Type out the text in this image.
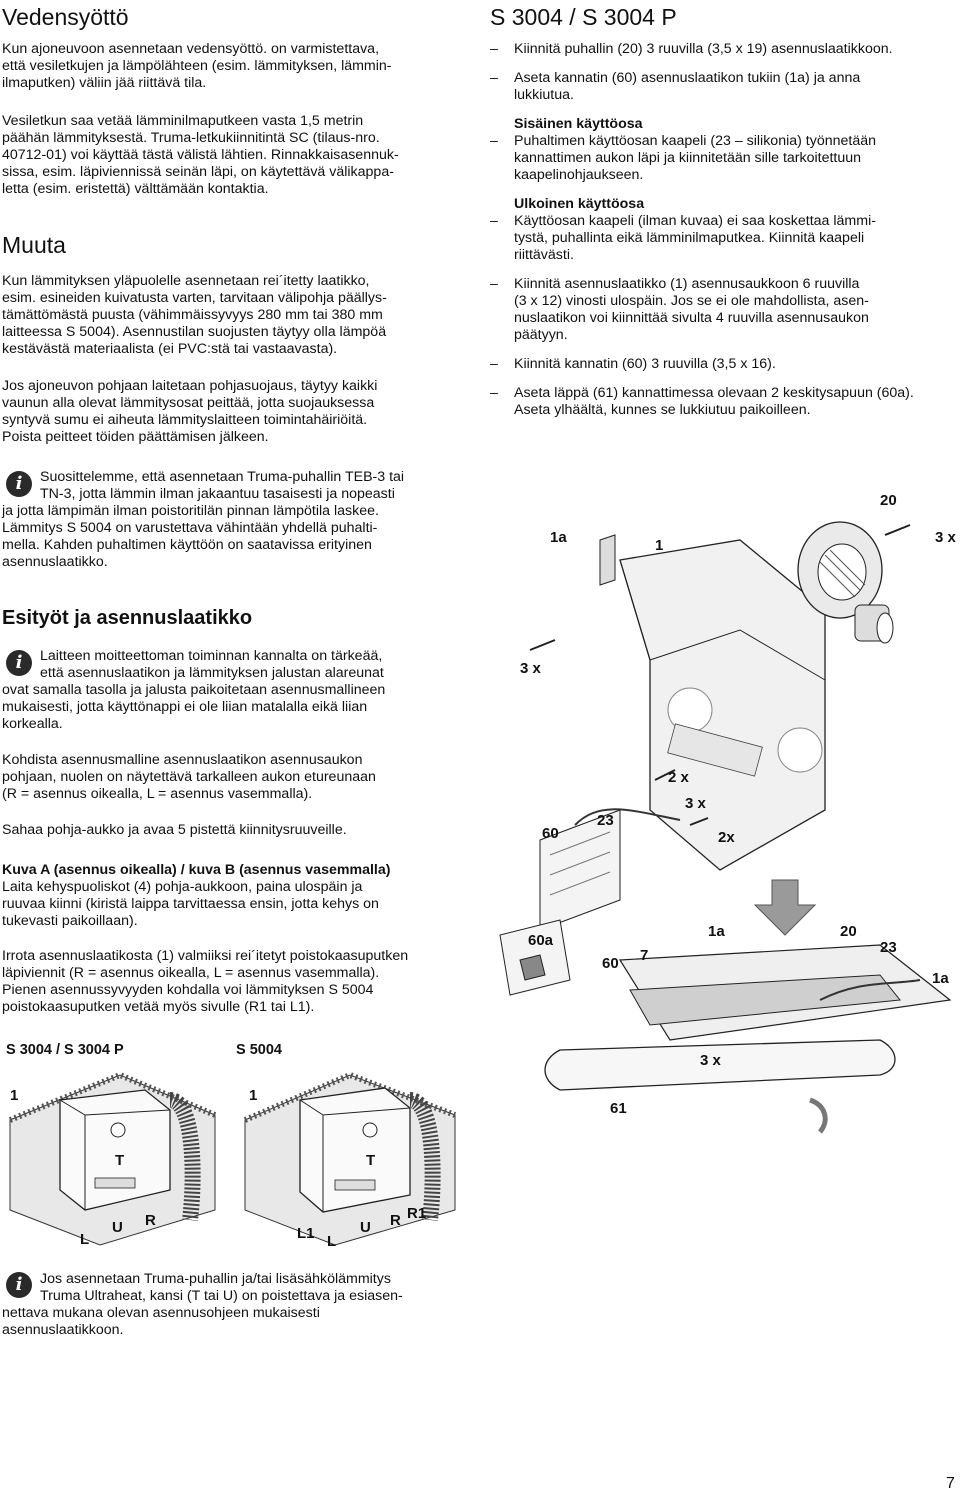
Vedensyöttö
Kun ajoneuvoon asennetaan vedensyöttö. on varmistettava,
että vesiletkujen ja lämpölähteen (esim. lämmityksen, lämmin-
ilmaputken) väliin jää riittävä tila.
Vesiletkun saa vetää lämminilmaputkeen vasta 1,5 metrin
päähän lämmityksestä. Truma-letkukiinnitintä SC (tilaus-nro.
40712-01) voi käyttää tästä välistä lähtien. Rinnakkaisasennuk-
sissa, esim. läpiviennissä seinän läpi, on käytettävä välikappa-
letta (esim. eristettä) välttämään kontaktia.
Muuta
Kun lämmityksen yläpuolelle asennetaan rei´itetty laatikko,
esim. esineiden kuivatusta varten, tarvitaan välipohja päällys-
tämättömästä puusta (vähimmäissyvyys 280 mm tai 380 mm
laitteessa S 5004). Asennustilan suojusten täytyy olla lämpöä
kestävästä materiaalista (ei PVC:stä tai vastaavasta).
Jos ajoneuvon pohjaan laitetaan pohjasuojaus, täytyy kaikki
vaunun alla olevat lämmitysosat peittää, jotta suojauksessa
syntyvä sumu ei aiheuta lämmityslaitteen toimintahäiriöitä.
Poista peitteet töiden päättämisen jälkeen.
i	Suosittelemme, että asennetaan Truma-puhallin TEB-3 tai
TN-3, jotta lämmin ilman jakaantuu tasaisesti ja nopeasti
ja jotta lämpimän ilman poistoritilän pinnan lämpötila laskee.
Lämmitys S 5004 on varustettava vähintään yhdellä puhalti-
mella. Kahden puhaltimen käyttöön on saatavissa erityinen
asennuslaatikko.
Esityöt ja asennuslaatikko
i	Laitteen moitteettoman toiminnan kannalta on tärkeää,
että asennuslaatikon ja lämmityksen jalustan alareunat
ovat samalla tasolla ja jalusta paikoitetaan asennusmallineen
mukaisesti, jotta käyttönappi ei ole liian matalalla eikä liian
korkealla.
Kohdista asennusmalline asennuslaatikon asennusaukon
pohjaan, nuolen on näytettävä tarkalleen aukon etureunaan
(R = asennus oikealla, L = asennus vasemmalla).
Sahaa pohja-aukko ja avaa 5 pistettä kiinnitysruuveille.
Kuva A (asennus oikealla) / kuva B (asennus vasemmalla)
Laita kehyspuoliskot (4) pohja-aukkoon, paina ulospäin ja
ruuvaa kiinni (kiristä laippa tarvittaessa ensin, jotta kehys on
tukevasti paikoillaan).
Irrota asennuslaatikosta (1) valmiiksi rei´itetyt poistokaasuputken
läpiviennit (R = asennus oikealla, L = asennus vasemmalla).
Pienen asennussyvyyden kohdalla voi lämmityksen S 5004
poistokaasuputken vetää myös sivulle (R1 tai L1).
S 3004 / S 3004 P	S 5004
1
T
L
U R
1
T
L1 L
U R R1
i	Jos asennetaan Truma-puhallin ja/tai lisäsähkölämmitys
Truma Ultraheat, kansi (T tai U) on poistettava ja esiasen-
nettava mukana olevan asennusohjeen mukaisesti
asennuslaatikkoon.
S 3004 / S 3004 P
– Kiinnitä puhallin (20) 3 ruuvilla (3,5 x 19) asennuslaatikkoon.
– Aseta kannatin (60) asennuslaatikon tukiin (1a) ja anna
lukkiutua.
Sisäinen käyttöosa
– Puhaltimen käyttöosan kaapeli (23 – silikonia) työnnetään
kannattimen aukon läpi ja kiinnitetään sille tarkoitettuun
kaapelinohjaukseen.
Ulkoinen käyttöosa
– Käyttöosan kaapeli (ilman kuvaa) ei saa koskettaa lämmi-
tystä, puhallinta eikä lämminilmaputkea. Kiinnitä kaapeli
riittävästi.
– Kiinnitä asennuslaatikko (1) asennusaukkoon 6 ruuvilla
(3 x 12) vinosti ulospäin. Jos se ei ole mahdollista, asen-
nuslaatikon voi kiinnittää sivulta 4 ruuvilla asennusaukon
päätyyn.
– Kiinnitä kannatin (60) 3 ruuvilla (3,5 x 16).
– Aseta läppä (61) kannattimessa olevaan 2 keskitysapuun (60a).
Aseta ylhäältä, kunnes se lukkiutuu paikoilleen.
20
3 x
1a	1
3 x
2 x
3 x
2x
60
23
60a
60 7
1a	20
23
1a
3 x
61
7
